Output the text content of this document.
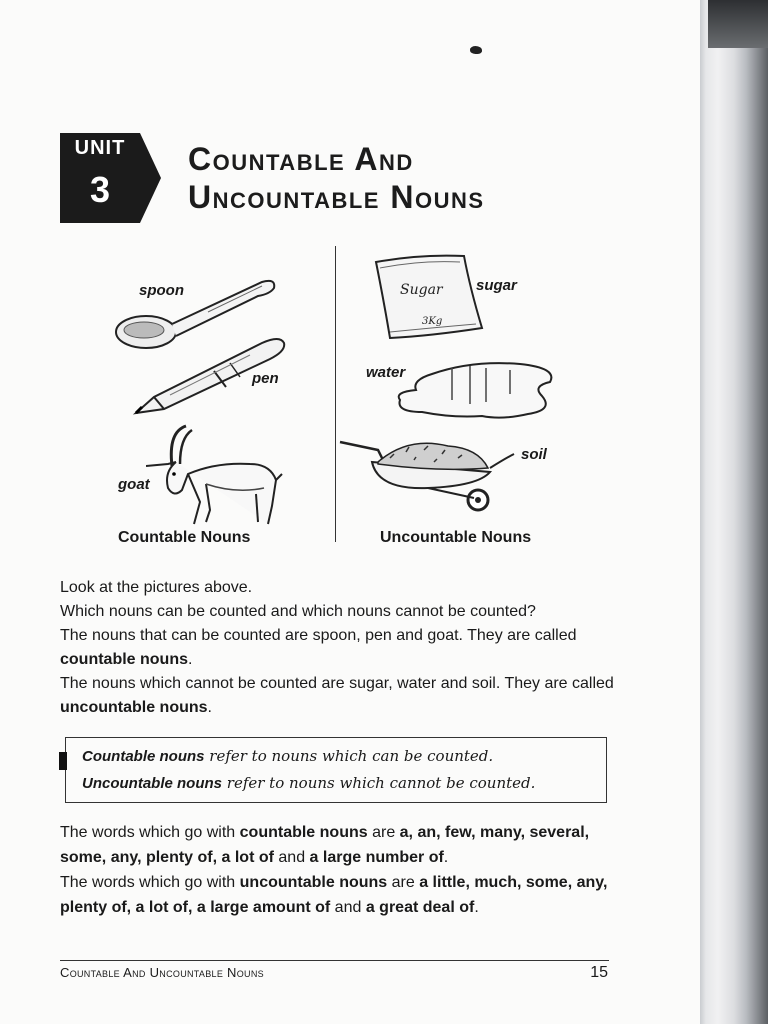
UNIT
3
Countable And
Uncountable Nouns
spoon
pen
goat
Sugar
3Kg
sugar
water
soil
Countable Nouns	Uncountable Nouns

Look at the pictures above.

Which nouns can be counted and which nouns cannot be counted?

The nouns that can be counted are spoon, pen and goat. They are called countable nouns.

The nouns which cannot be counted are sugar, water and soil. They are called uncountable nouns.

Countable nouns refer to nouns which can be counted.
Uncountable nouns refer to nouns which cannot be counted.

The words which go with countable nouns are a, an, few, many, several, some, any, plenty of, a lot of and a large number of.

The words which go with uncountable nouns are a little, much, some, any, plenty of, a lot of, a large amount of and a great deal of.

Countable And Uncountable Nouns	15
